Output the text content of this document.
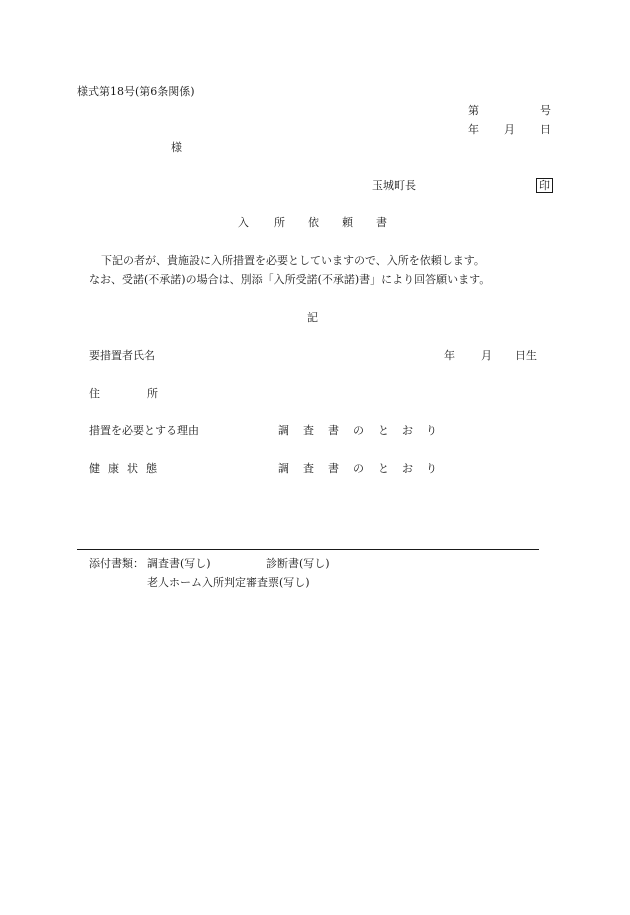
様式第18号(第6条関係)
第	号
年 月 日
様
玉城町長	印
入 所 依 頼 書
下記の者が、貴施設に入所措置を必要としていますので、入所を依頼します。
なお、受諾(不承諾)の場合は、別添「入所受諾(不承諾)書」により回答願います。
記
要措置者氏名	年 月 日生
住	所
措置を必要とする理由	調 査 書 の と お り
健 康 状 態	調 査 書 の と お り
添付書類： 調査書(写し)	診断書(写し)
老人ホーム入所判定審査票(写し)
